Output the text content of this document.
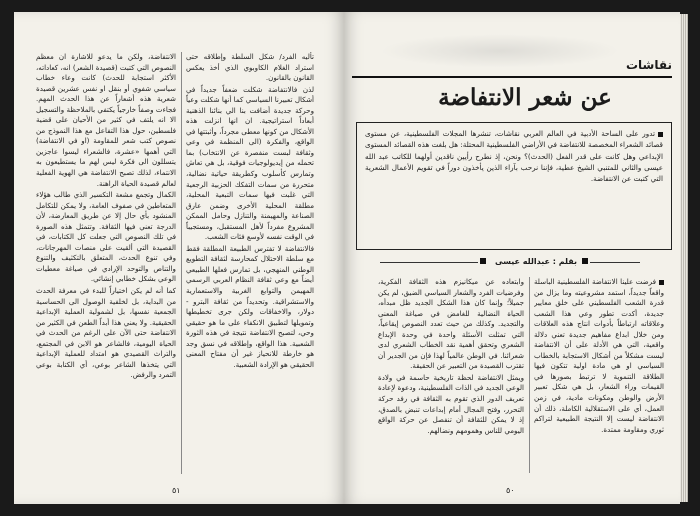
تأليه الفرد/ شكل السلطة وإطلاقه حتى استراد الغلام الكاوبوي الذي أخذ يعكس القانون بالقانون.

لذن فالانتفاضة شكلت ضعفاً جديداً في أشكال تعبيرنا السياسي كما أنها شكلت وعياً وحركة جديدة أضافت بنا الي بنائنا الذهنية أبعاداً استراتيجية. ان انها انزلت هذه الأشكال من كونها معطى مجرداً، وأثبتتها في الواقع، والفكرة (الى المنظمة في وعي وثقافة لبست منفصرة عن الانتخاب) بما تحمله من إيديولوجيات فوقية، بل هي تعاش وتمارس كأسلوب وكطريقة حياتية نضالية، متحررة من سمات التفكك الحزبية الرجعية التي غلبت فيها سمات التبعية المحلية، مطلقة المحلية الأخرى وضمن عارق الصناعة والمهيمنة والتنازل وحامل الممكن المشروع مفرداً لأهل المستقبل، ومستجيباً في الوقت نفسه لأوسع فئات الشعب.

فالانتفاضة لا تفترس الطبيعة المطلقة فقط مع سلطة الاحتلال كمحارسة لثقافة التطويع الوطني المنهجي، بل تمارس فعلها الطبيعي أيضاً مع وعي ثقافة النظام العربي الرسمي المهيمن والتوابع الغربية والاستعمارية والاستشراقية. وتحديداً من ثقافة البترو - دولار، والاخفاقات ولكن جرى تخطيطها وتمويلها لتطبيق الانكفاء على ما هو حقيقي وحي، لتصبح الانتفاضة نتيجة في هذه الثورة الشعبية. هذا الواقع، وإطلاقه في نسق وجد هو خارطة للانحياز غير أن مفتاح المعنى الحقيقي هو الإرادة الشعبية.

الانتفاضة، ولكن ما يدعو للاشارة ان معظم النصوص التي كتبت (قصيدة الشعر) انه، كعاداته، الأكثر استجابة للحدث) كانت وعاء خطاب سياسي شفوي أو بنقل او نفس عشرين قصيدة شعرية هذه أشعاراً عن هذا الحدث المهم. فجاءت وصفاً خارجياً يكتفي بالملاحظة والتسجيل الا انه يلتف في كثير من الأحيان على قضية فلسطين، حول هذا التفاعل مع هذا النموذج من نصوص كتب شعر للمقاومة (او في الانتفاضة) التي أهمها «عشرة، فالشعراء ليسوا عاجزين يتسللون الى فكرة ليس لهم ما يستطيعون به الانتماء، لذلك تصبح الانتفاضة هي الهوية الفعلية لعالم قصيدة الحياة الراهنة.

الكمال وتجمع مشعة التكسير الذي طالب هؤلاء المتعاطين في صفوف العامة، ولا يمكن للتكامل المنشود بأي حال إلا عن طريق المعارضة، لأن الدرجة تعني فيها الثقافة. وتتمثل هذه الصورة في تلك النصوص التي جعلت كل الكتابات، في القصيدة التي ألقيت على منصات المهرجانات، وفي تنوع الحدث، المتعلق بالتكثيف والتنوع والتناص والتوحد الإرادي في صياغة معطيات الوعي بشكل خطابي إنشائي.

كما أنه لم يكن اختياراً للبدء في معرفة الحدث من البداية، بل لخلفية الوصول الى الحساسية الجمعية نفسها، بل لشمولية العملية الإبداعية الحقيقية. ولا يعني هذا أبداً الطعن في الكثير من الانتفاضة حتى الآن على الرغم من الحدث في الحياة اليومية، فالشاعر هو الابن في المجتمع، والتراث القصيدي هو امتداد للعملية الإبداعية التي يتخذها الشاعر بوعي، أي الكتابة بوعي التمرد والرفض.

٥١
نقاشات
عن شعر الانتفاضة
تدور على الساحة الأدبية في العالم العربي نقاشات، تنشرها المجلات الفلسطينية، عن مستوى قصائد الشعراء المخصصة للانتفاضة في الأراضي الفلسطينية المحتلة: هل بلغت هذه القصائد المستوى الإبداعي وهل كانت على قدر الفعل (الحدث)؟ ونحن، إذ نطرح رأيين ناقدين أولهما للكاتب عبد الله عيسى والثاني للمتنبي الشيخ عطية، فإننا نرحب بآراء الذين يأخذون دوراً في تقويم الأعمال الشعرية التي كتبت عن الانتفاضة.
بقلم : عبدالله عيسى

فرضت علينا الانتفاضة الفلسطينية الباسلة واقعاً جديداً، استمد مشروعيته وما يزال من قدرة الشعب الفلسطيني على خلق معايير جديدة، أكدت تطور وعي هذا الشعب وعلاقاته ارتباطاً بأدوات انتاج هذه العلاقات ومن خلال ابداع مفاهيم جديدة تعني دلالة واقعية، التي هي الأدلة على أن الانتفاضة ليست مشكلاً من أشكال الاستجابة بالخطاب السياسي او هي مادة اولية تتكون فيها الطلاقة التنموية لا ترتبط بصورها في القيمات وراء الشعار، بل هي شكل تعبير الأرض والوطن ومكونات مادية، في زمن العمل، أي على الاستقلالية الكاملة، ذلك أن الانتفاضة ليست إلا النتيجة الطبيعية لتراكم ثوري ومقاومة ممتدة.

وابتعاده عن ميكانيزم هذه الثقافة الفكرية، وفرضيات الفرد والشعار السياسي الضيق، لم يكن جميلاً؛ وإنما كان هذا الشكل الجديد ظل مبدأه، الحياة النضالية للغامض في صياغة المعنى والتجديد. وكذلك من حيث تعدد النصوص إيقاعياً، التي تمثلت الأسئلة واحدة في وحدة الإبداع الشعري وتحقق أهمية نقد الخطاب الشعري لدى شعرائنا. في الوطن عالمياً لهذا فإن من الجدير أن تقترب القصيدة من التعبير عن الحقيقة.

ويمثل الانتفاضة لحظة تاريخية حاسمة في ولادة الوعي الجديد في الذات الفلسطينية، ودعوة لإعادة تعريف الدور الذي تقوم به الثقافة في رفد حركة التحرر، وفتح المجال أمام إبداعات تنبض بالصدق، إذ لا يمكن للثقافة أن تنفصل عن حركة الواقع اليومي للناس وهمومهم ونضالهم.

٥٠
